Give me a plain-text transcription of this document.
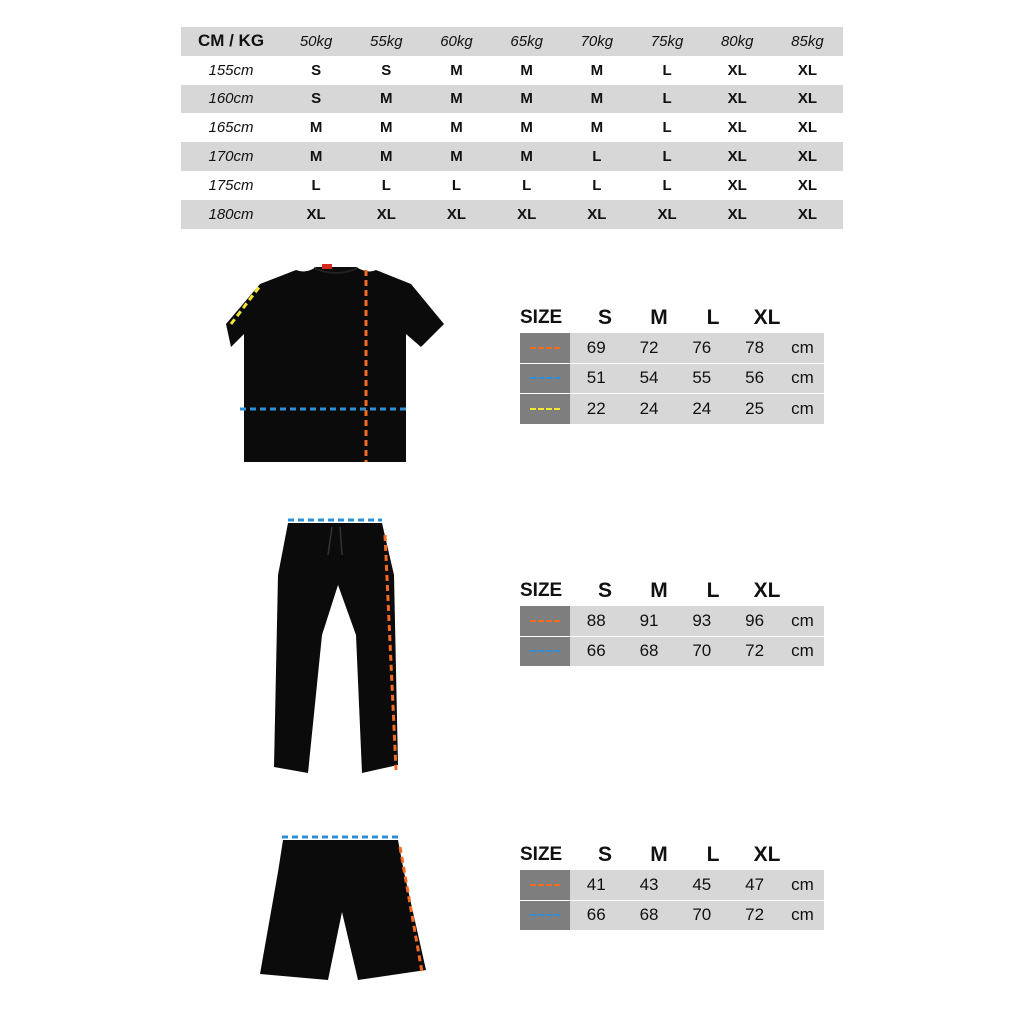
CM / KG	50kg	55kg	60kg	65kg	70kg	75kg	80kg	85kg
155cm	S	S	M	M	M	L	XL	XL
160cm	S	M	M	M	M	L	XL	XL
165cm	M	M	M	M	M	L	XL	XL
170cm	M	M	M	M	L	L	XL	XL
175cm	L	L	L	L	L	L	XL	XL
180cm	XL	XL	XL	XL	XL	XL	XL	XL
SIZE	S	M	L	XL
69	72	76	78	cm
51	54	55	56	cm
22	24	24	25	cm
SIZE	S	M	L	XL
88	91	93	96	cm
66	68	70	72	cm
SIZE	S	M	L	XL
41	43	45	47	cm
66	68	70	72	cm
